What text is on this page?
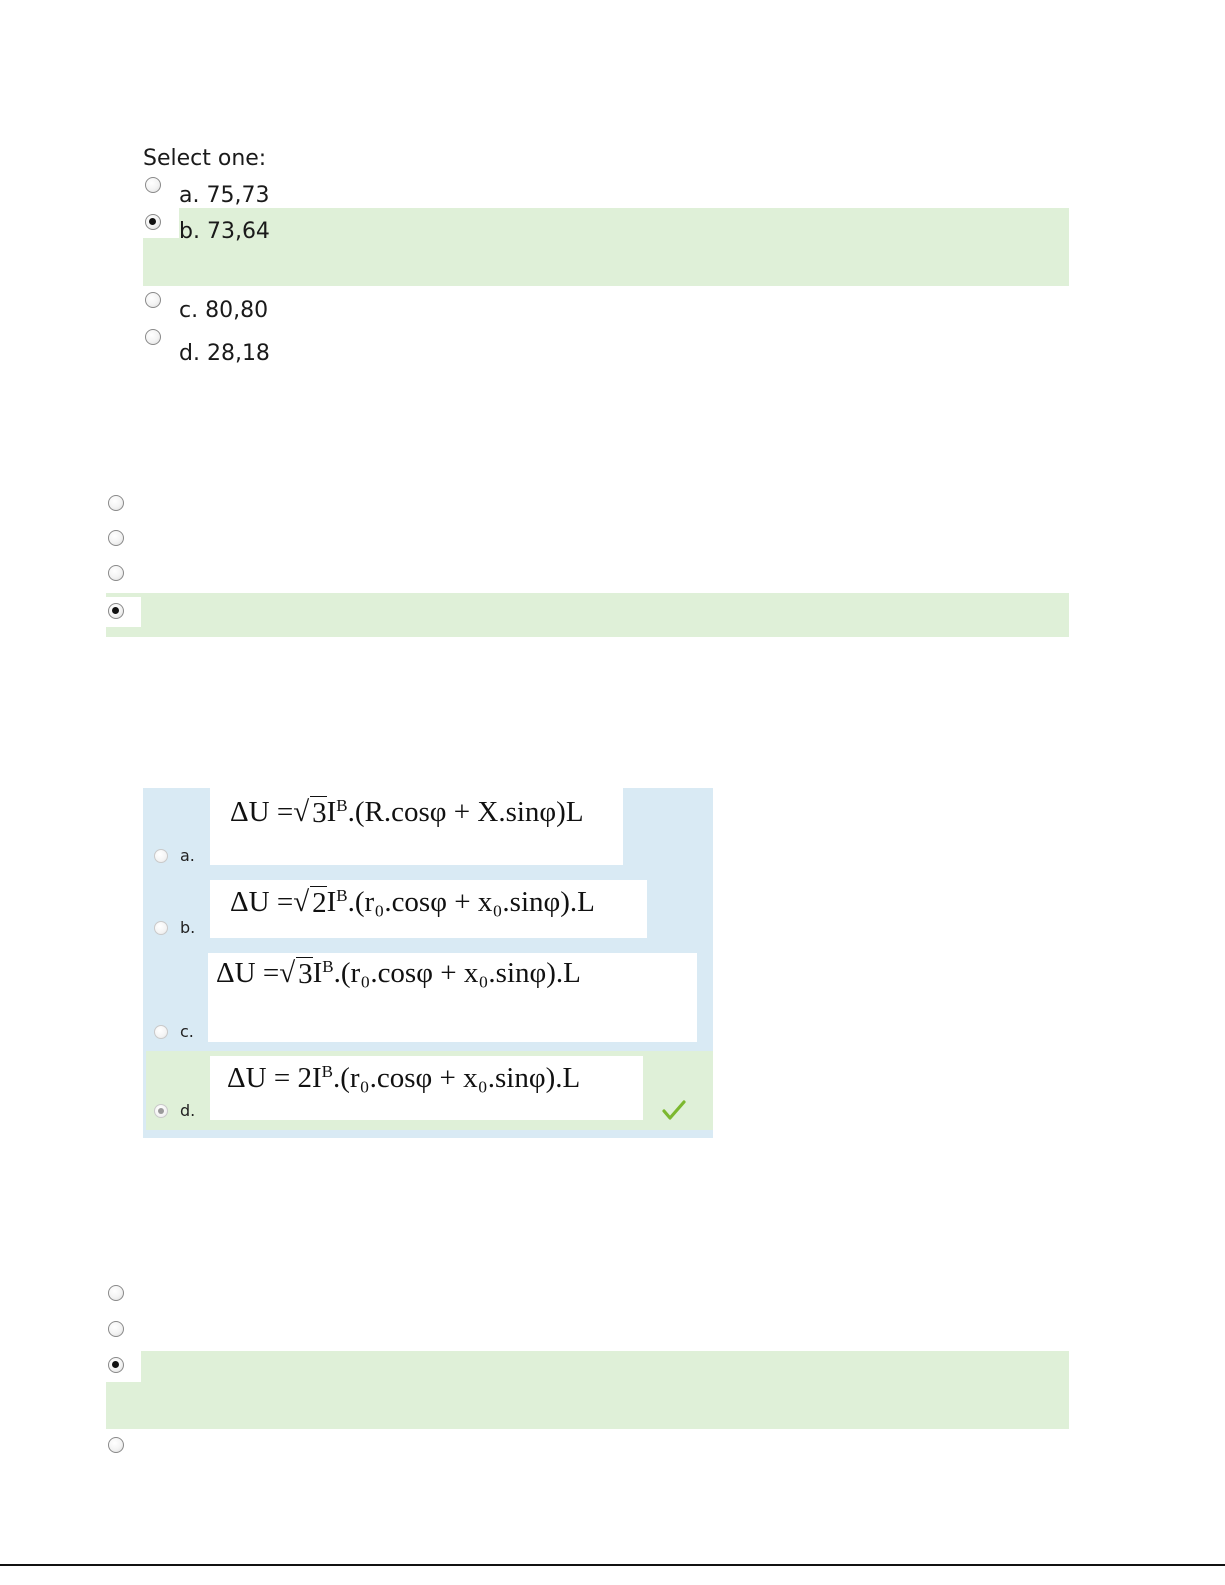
Select one:
a. 75,73
b. 73,64
c. 80,80
d. 28,18
ΔU = √ 3 $I^B$ .(R.cosφ + X.sinφ)L
a.
ΔU = √ 2 $I^B$ .(r₀.cosφ + x₀.sinφ).L
b.
ΔU = √ 3 $I^B$ .(r₀.cosφ + x₀.sinφ).L
c.
$\Delta U = 2I^B$ .(r₀.cosφ + x₀.sinφ).L
d.
